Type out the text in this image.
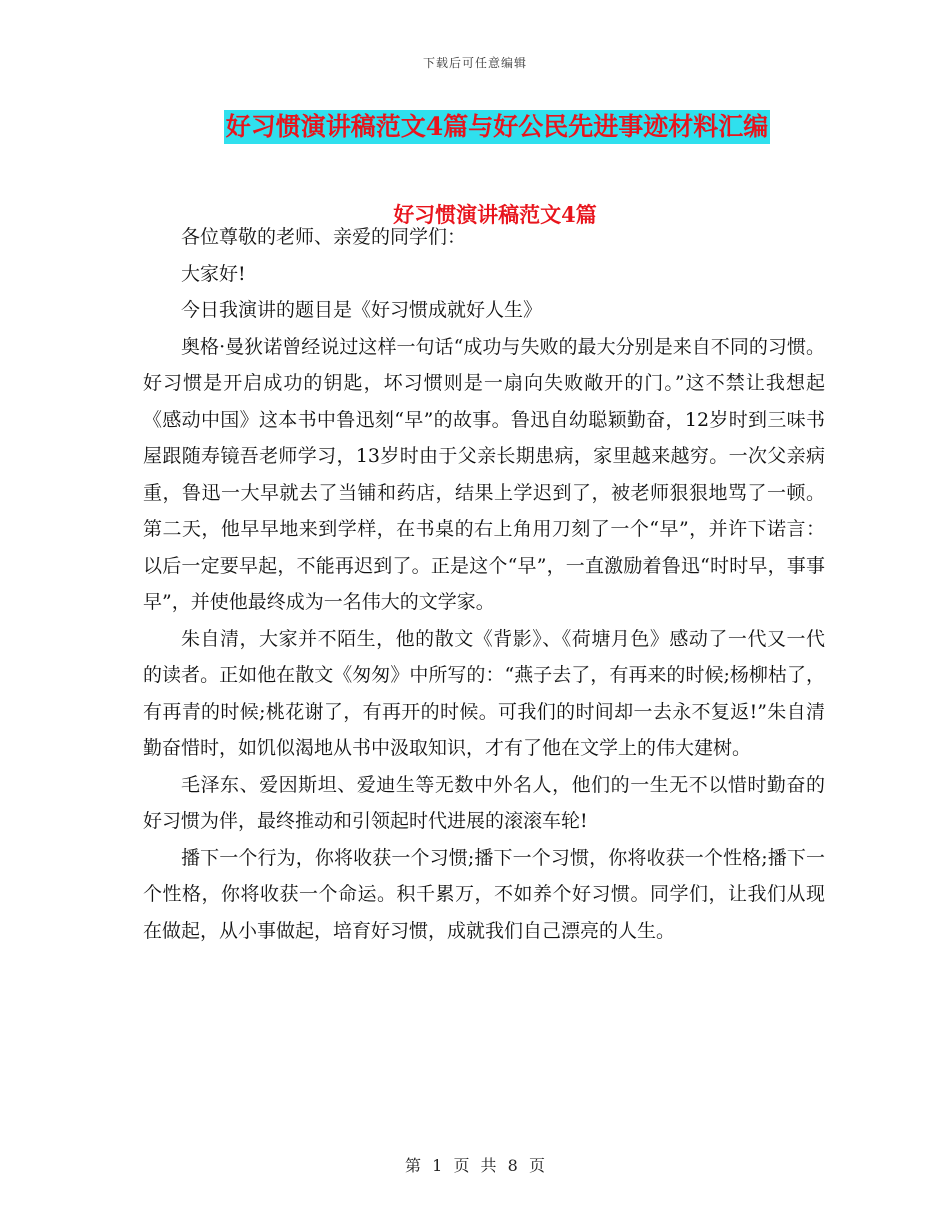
下载后可任意编辑
好习惯演讲稿范文4篇与好公民先进事迹材料汇编
好习惯演讲稿范文4篇

各位尊敬的老师、亲爱的同学们：

大家好!

今日我演讲的题目是《好习惯成就好人生》

奥格·曼狄诺曾经说过这样一句话“成功与失败的最大分别是来自不同的习惯。好习惯是开启成功的钥匙，坏习惯则是一扇向失败敞开的门。”这不禁让我想起《感动中国》这本书中鲁迅刻“早”的故事。鲁迅自幼聪颖勤奋，12岁时到三味书屋跟随寿镜吾老师学习，13岁时由于父亲长期患病，家里越来越穷。一次父亲病重，鲁迅一大早就去了当铺和药店，结果上学迟到了，被老师狠狠地骂了一顿。第二天，他早早地来到学样，在书桌的右上角用刀刻了一个“早”，并许下诺言：以后一定要早起，不能再迟到了。正是这个“早”，一直激励着鲁迅“时时早，事事早”，并使他最终成为一名伟大的文学家。

朱自清，大家并不陌生，他的散文《背影》、《荷塘月色》感动了一代又一代的读者。正如他在散文《匆匆》中所写的：“燕子去了，有再来的时候;杨柳枯了，有再青的时候;桃花谢了，有再开的时候。可我们的时间却一去永不复返!”朱自清勤奋惜时，如饥似渴地从书中汲取知识，才有了他在文学上的伟大建树。

毛泽东、爱因斯坦、爱迪生等无数中外名人，他们的一生无不以惜时勤奋的好习惯为伴，最终推动和引领起时代进展的滚滚车轮!

播下一个行为，你将收获一个习惯;播下一个习惯，你将收获一个性格;播下一个性格，你将收获一个命运。积千累万，不如养个好习惯。同学们，让我们从现在做起，从小事做起，培育好习惯，成就我们自己漂亮的人生。

第 1 页 共 8 页
